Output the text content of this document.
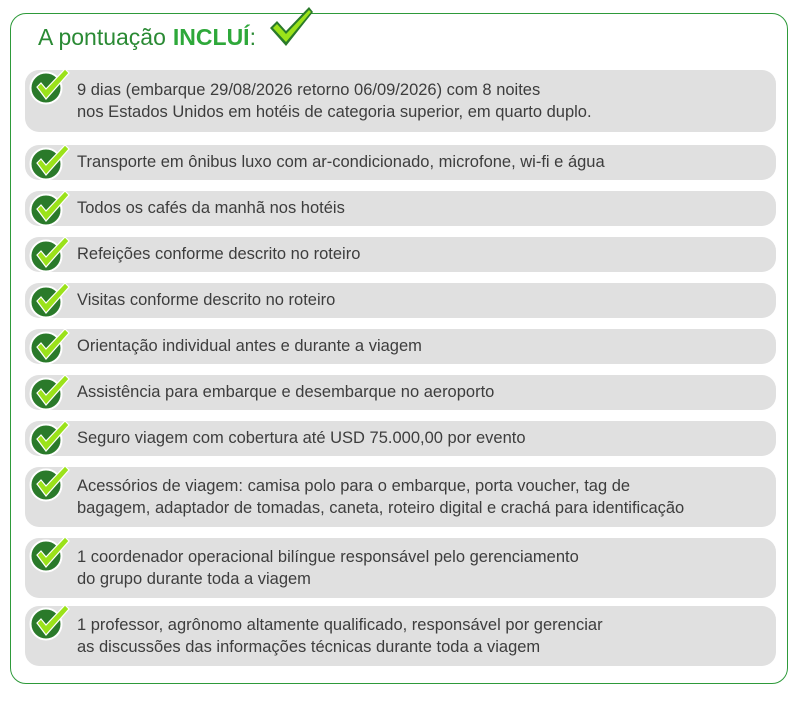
A pontuação INCLUÍ :
9 dias (embarque 29/08/2026 retorno 06/09/2026) com 8 noites
nos Estados Unidos em hotéis de categoria superior, em quarto duplo.
Transporte em ônibus luxo com ar-condicionado, microfone, wi-fi e água
Todos os cafés da manhã nos hotéis
Refeições conforme descrito no roteiro
Visitas conforme descrito no roteiro
Orientação individual antes e durante a viagem
Assistência para embarque e desembarque no aeroporto
Seguro viagem com cobertura até USD 75.000,00 por evento
Acessórios de viagem: camisa polo para o embarque, porta voucher, tag de
bagagem, adaptador de tomadas, caneta, roteiro digital e crachá para identificação
1 coordenador operacional bilíngue responsável pelo gerenciamento
do grupo durante toda a viagem
1 professor, agrônomo altamente qualificado, responsável por gerenciar
as discussões das informações técnicas durante toda a viagem
